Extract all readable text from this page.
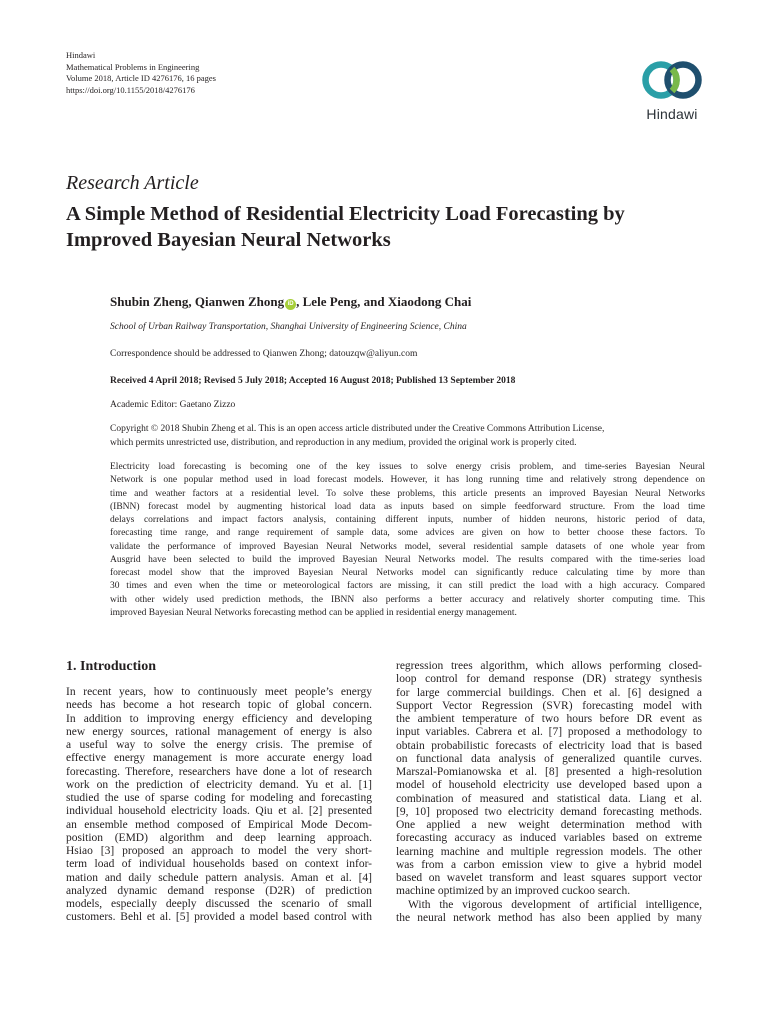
Hindawi
Mathematical Problems in Engineering
Volume 2018, Article ID 4276176, 16 pages
https://doi.org/10.1155/2018/4276176
Hindawi
Research Article
A Simple Method of Residential Electricity Load Forecasting by
Improved Bayesian Neural Networks
Shubin Zheng, Qianwen Zhong iD , Lele Peng, and Xiaodong Chai
School of Urban Railway Transportation, Shanghai University of Engineering Science, China
Correspondence should be addressed to Qianwen Zhong; datouzqw@aliyun.com
Received 4 April 2018; Revised 5 July 2018; Accepted 16 August 2018; Published 13 September 2018
Academic Editor: Gaetano Zizzo
Copyright © 2018 Shubin Zheng et al. This is an open access article distributed under the Creative Commons Attribution License,
which permits unrestricted use, distribution, and reproduction in any medium, provided the original work is properly cited.
Electricity load forecasting is becoming one of the key issues to solve energy crisis problem, and time-series Bayesian Neural
Network is one popular method used in load forecast models. However, it has long running time and relatively strong dependence on
time and weather factors at a residential level. To solve these problems, this article presents an improved Bayesian Neural Networks
(IBNN) forecast model by augmenting historical load data as inputs based on simple feedforward structure. From the load time
delays correlations and impact factors analysis, containing different inputs, number of hidden neurons, historic period of data,
forecasting time range, and range requirement of sample data, some advices are given on how to better choose these factors. To
validate the performance of improved Bayesian Neural Networks model, several residential sample datasets of one whole year from
Ausgrid have been selected to build the improved Bayesian Neural Networks model. The results compared with the time-series load
forecast model show that the improved Bayesian Neural Networks model can significantly reduce calculating time by more than
30 times and even when the time or meteorological factors are missing, it can still predict the load with a high accuracy. Compared
with other widely used prediction methods, the IBNN also performs a better accuracy and relatively shorter computing time. This
improved Bayesian Neural Networks forecasting method can be applied in residential energy management.
1. Introduction
In recent years, how to continuously meet people’s energy
needs has become a hot research topic of global concern.
In addition to improving energy efficiency and developing
new energy sources, rational management of energy is also
a useful way to solve the energy crisis. The premise of
effective energy management is more accurate energy load
forecasting. Therefore, researchers have done a lot of research
work on the prediction of electricity demand. Yu et al. [1]
studied the use of sparse coding for modeling and forecasting
individual household electricity loads. Qiu et al. [2] presented
an ensemble method composed of Empirical Mode Decom-
position (EMD) algorithm and deep learning approach.
Hsiao [3] proposed an approach to model the very short-
term load of individual households based on context infor-
mation and daily schedule pattern analysis. Aman et al. [4]
analyzed dynamic demand response (D2R) of prediction
models, especially deeply discussed the scenario of small
customers. Behl et al. [5] provided a model based control with
regression trees algorithm, which allows performing closed-
loop control for demand response (DR) strategy synthesis
for large commercial buildings. Chen et al. [6] designed a
Support Vector Regression (SVR) forecasting model with
the ambient temperature of two hours before DR event as
input variables. Cabrera et al. [7] proposed a methodology to
obtain probabilistic forecasts of electricity load that is based
on functional data analysis of generalized quantile curves.
Marszal-Pomianowska et al. [8] presented a high-resolution
model of household electricity use developed based upon a
combination of measured and statistical data. Liang et al.
[9, 10] proposed two electricity demand forecasting methods.
One applied a new weight determination method with
forecasting accuracy as induced variables based on extreme
learning machine and multiple regression models. The other
was from a carbon emission view to give a hybrid model
based on wavelet transform and least squares support vector
machine optimized by an improved cuckoo search.
With the vigorous development of artificial intelligence,
the neural network method has also been applied by many
